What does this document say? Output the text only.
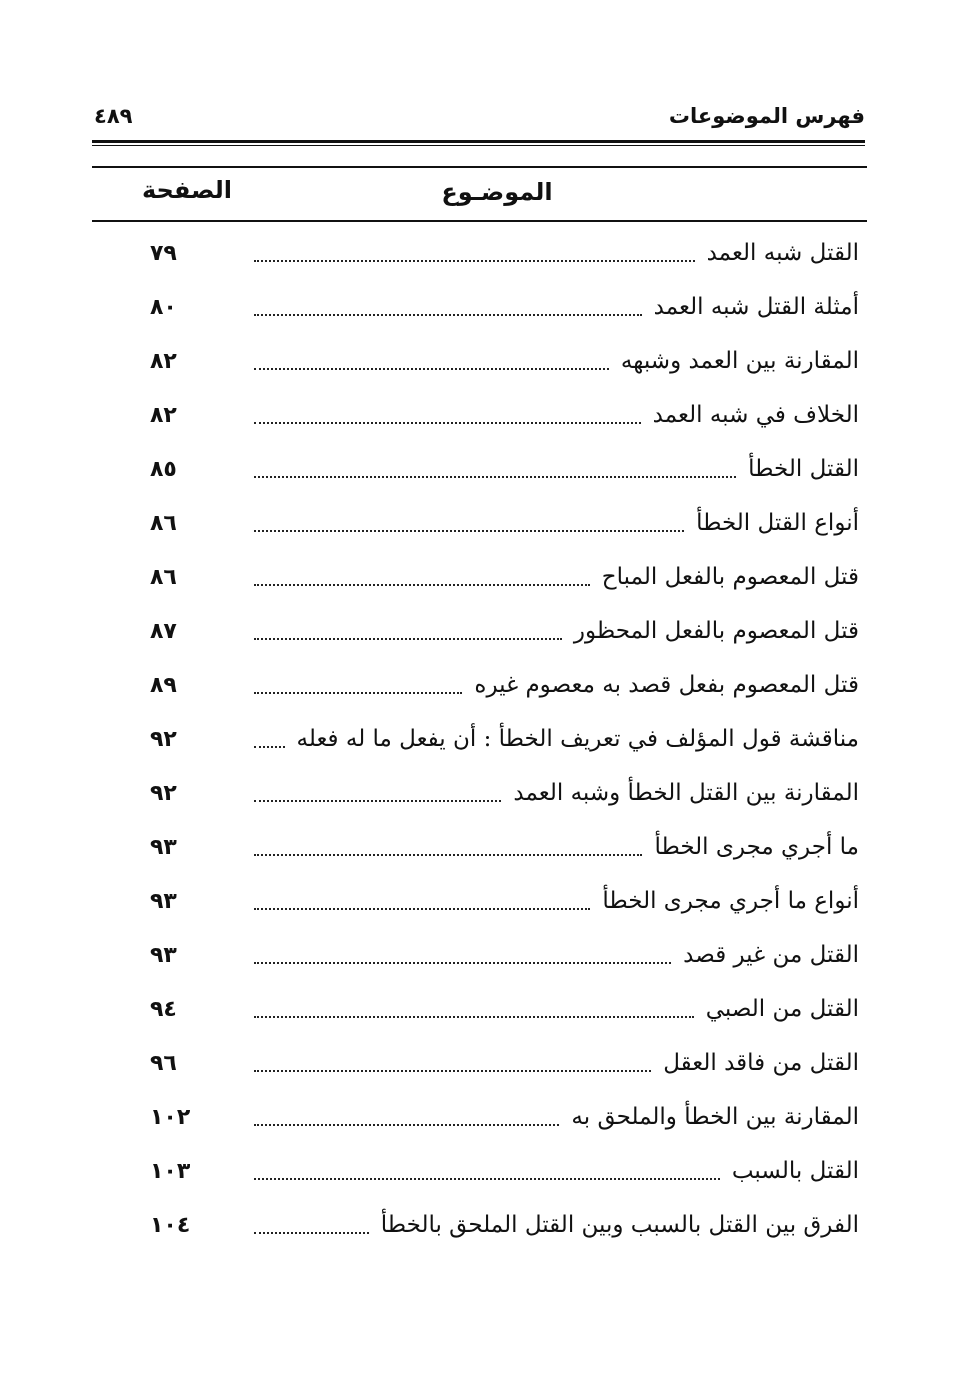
فهرس الموضوعات
٤٨٩
الموضـوع
الصفحة
القتل شبه العمد
٧٩
أمثلة القتل شبه العمد
٨٠
المقارنة بين العمد وشبهه
٨٢
الخلاف في شبه العمد
٨٢
القتل الخطأ
٨٥
أنواع القتل الخطأ
٨٦
قتل المعصوم بالفعل المباح
٨٦
قتل المعصوم بالفعل المحظور
٨٧
قتل المعصوم بفعل قصد به معصوم غيره
٨٩
مناقشة قول المؤلف في تعريف الخطأ : أن يفعل ما له فعله
٩٢
المقارنة بين القتل الخطأ وشبه العمد
٩٢
ما أجري مجرى الخطأ
٩٣
أنواع ما أجري مجرى الخطأ
٩٣
القتل من غير قصد
٩٣
القتل من الصبي
٩٤
القتل من فاقد العقل
٩٦
المقارنة بين الخطأ والملحق به
١٠٢
القتل بالسبب
١٠٣
الفرق بين القتل بالسبب وبين القتل الملحق بالخطأ
١٠٤
